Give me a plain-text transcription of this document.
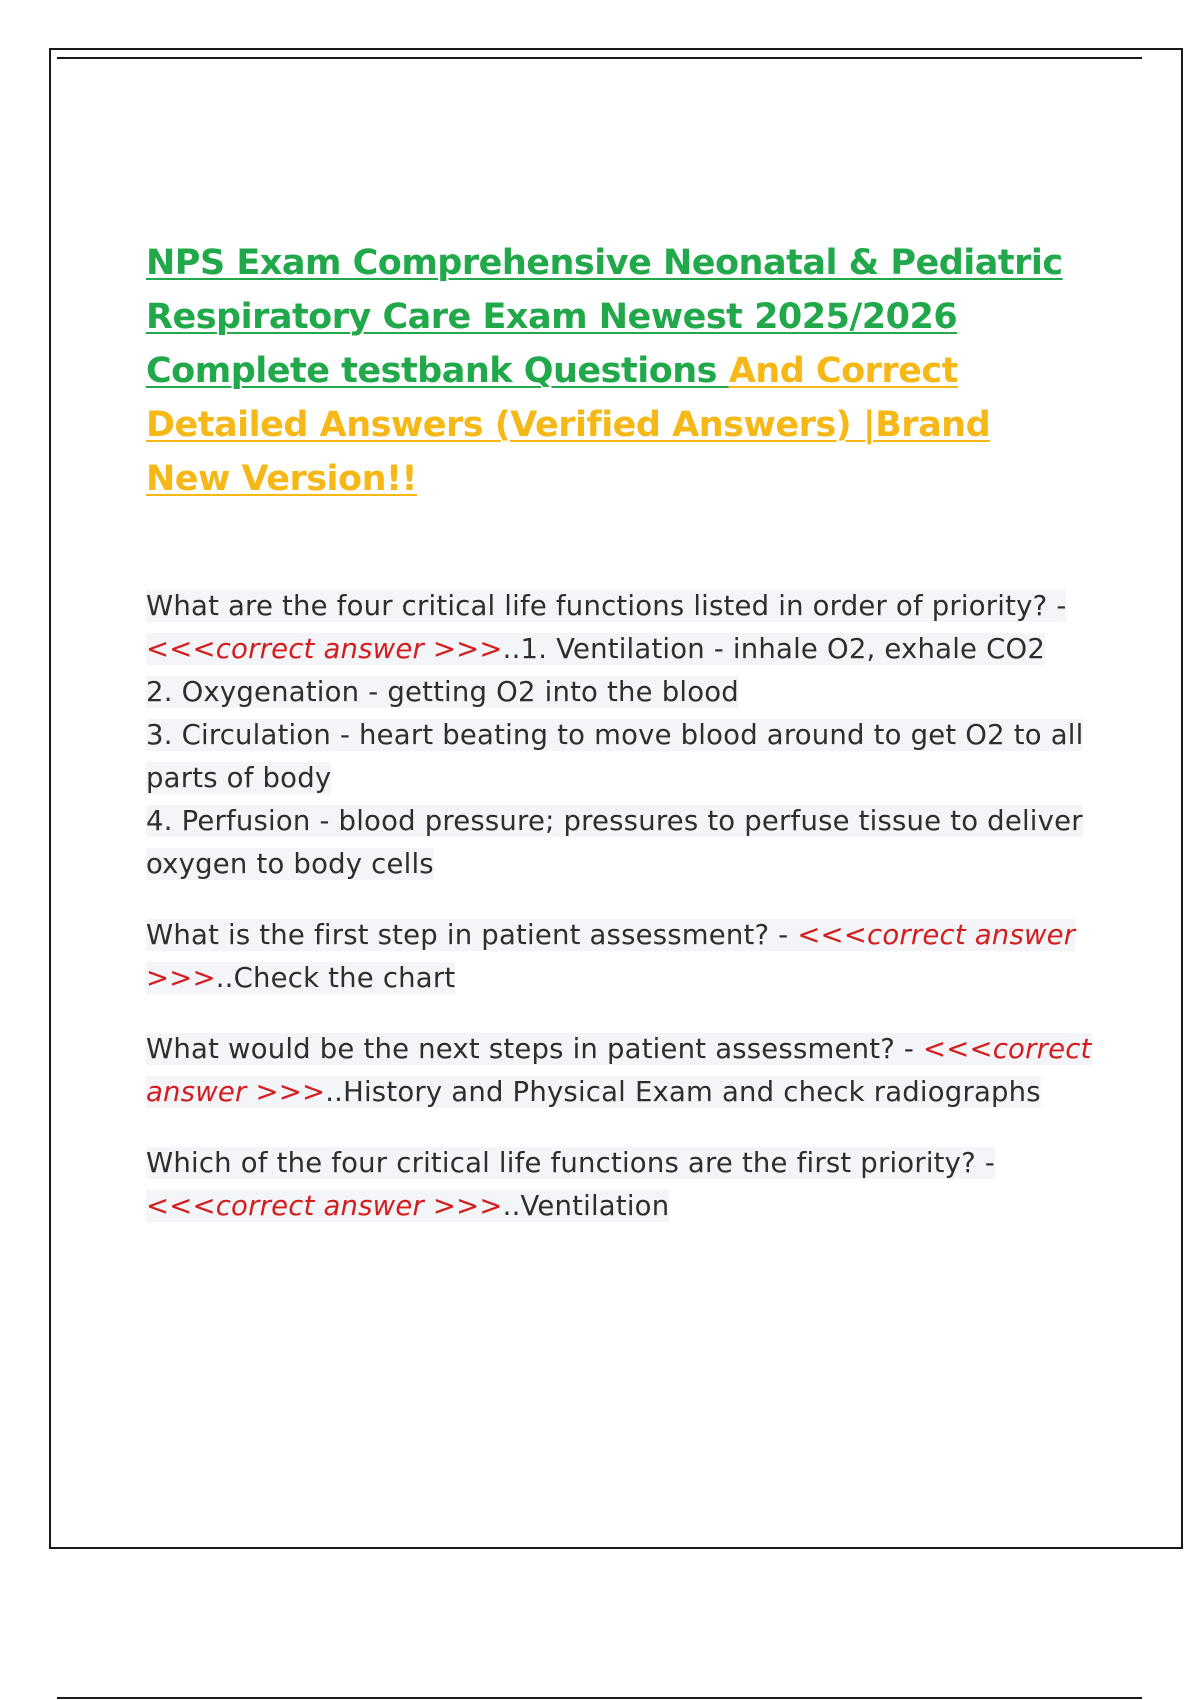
NPS Exam Comprehensive Neonatal & Pediatric Respiratory Care Exam Newest 2025/2026 Complete testbank Questions And Correct Detailed Answers (Verified Answers) |Brand New Version!!

What are the four critical life functions listed in order of priority? - <<<correct answer >>>..1. Ventilation - inhale O2, exhale CO2
2. Oxygenation - getting O2 into the blood
3. Circulation - heart beating to move blood around to get O2 to all parts of body
4. Perfusion - blood pressure; pressures to perfuse tissue to deliver oxygen to body cells

What is the first step in patient assessment? - <<<correct answer >>>..Check the chart

What would be the next steps in patient assessment? - <<<correct answer >>>..History and Physical Exam and check radiographs

Which of the four critical life functions are the first priority? - <<<correct answer >>>..Ventilation
